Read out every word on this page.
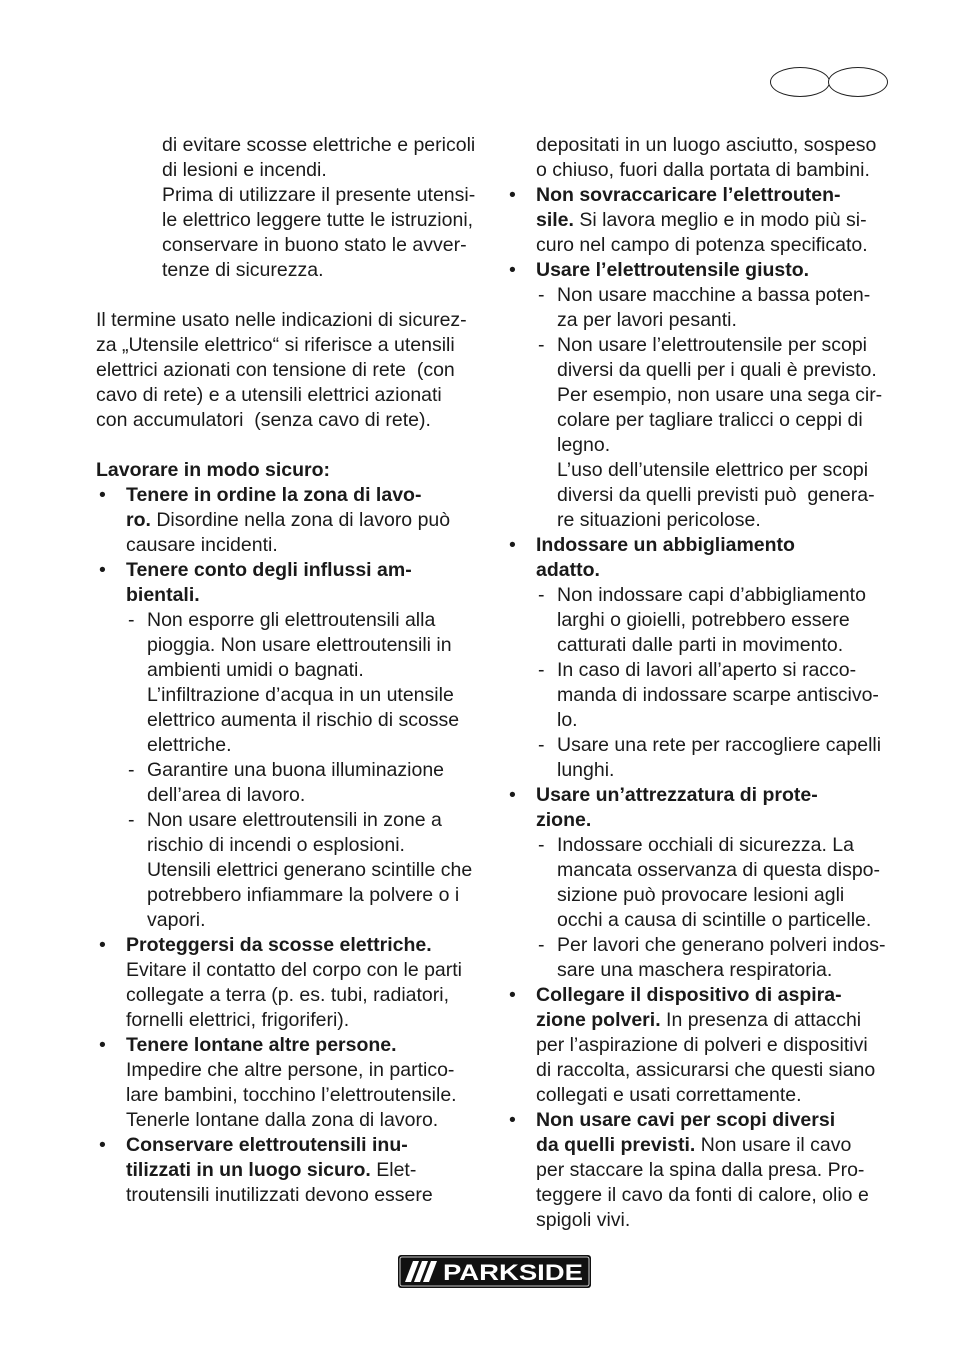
di evitare scosse elettriche e pericoli
di lesioni e incendi.
Prima di utilizzare il presente utensi-
le elettrico leggere tutte le istruzioni,
conservare in buono stato le avver-
tenze di sicurezza.
Il termine usato nelle indicazioni di sicurez-
za „Utensile elettrico“ si riferisce a utensili
elettrici azionati con tensione di rete  (con
cavo di rete) e a utensili elettrici azionati
con accumulatori  (senza cavo di rete).
Lavorare in modo sicuro:
• Tenere in ordine la zona di lavo-
ro. Disordine nella zona di lavoro può
causare incidenti.
• Tenere conto degli influssi am-
bientali.
- Non esporre gli elettroutensili alla
pioggia. Non usare elettroutensili in
ambienti umidi o bagnati.
L’infiltrazione d’acqua in un utensile
elettrico aumenta il rischio di scosse
elettriche.
- Garantire una buona illuminazione
dell’area di lavoro.
- Non usare elettroutensili in zone a
rischio di incendi o esplosioni.
Utensili elettrici generano scintille che
potrebbero infiammare la polvere o i
vapori.
• Proteggersi da scosse elettriche.
Evitare il contatto del corpo con le parti
collegate a terra (p. es. tubi, radiatori,
fornelli elettrici, frigoriferi).
• Tenere lontane altre persone.
Impedire che altre persone, in partico-
lare bambini, tocchino l’elettroutensile.
Tenerle lontane dalla zona di lavoro.
• Conservare elettroutensili inu-
tilizzati in un luogo sicuro. Elet-
troutensili inutilizzati devono essere
depositati in un luogo asciutto, sospeso
o chiuso, fuori dalla portata di bambini.
• Non sovraccaricare l’elettrouten-
sile. Si lavora meglio e in modo più si-
curo nel campo di potenza specificato.
• Usare l’elettroutensile giusto.
- Non usare macchine a bassa poten-
za per lavori pesanti.
- Non usare l’elettroutensile per scopi
diversi da quelli per i quali è previsto.
Per esempio, non usare una sega cir-
colare per tagliare tralicci o ceppi di
legno.
L’uso dell’utensile elettrico per scopi
diversi da quelli previsti può  genera-
re situazioni pericolose.
• Indossare un abbigliamento
adatto.
- Non indossare capi d’abbigliamento
larghi o gioielli, potrebbero essere
catturati dalle parti in movimento.
- In caso di lavori all’aperto si racco-
manda di indossare scarpe antiscivo-
lo.
- Usare una rete per raccogliere capelli
lunghi.
• Usare un’attrezzatura di prote-
zione.
- Indossare occhiali di sicurezza. La
mancata osservanza di questa dispo-
sizione può provocare lesioni agli
occhi a causa di scintille o particelle.
- Per lavori che generano polveri indos-
sare una maschera respiratoria.
• Collegare il dispositivo di aspira-
zione polveri. In presenza di attacchi
per l’aspirazione di polveri e dispositivi
di raccolta, assicurarsi che questi siano
collegati e usati correttamente.
• Non usare cavi per scopi diversi
da quelli previsti. Non usare il cavo
per staccare la spina dalla presa. Pro-
teggere il cavo da fonti di calore, olio e
spigoli vivi.
PARKSIDE
